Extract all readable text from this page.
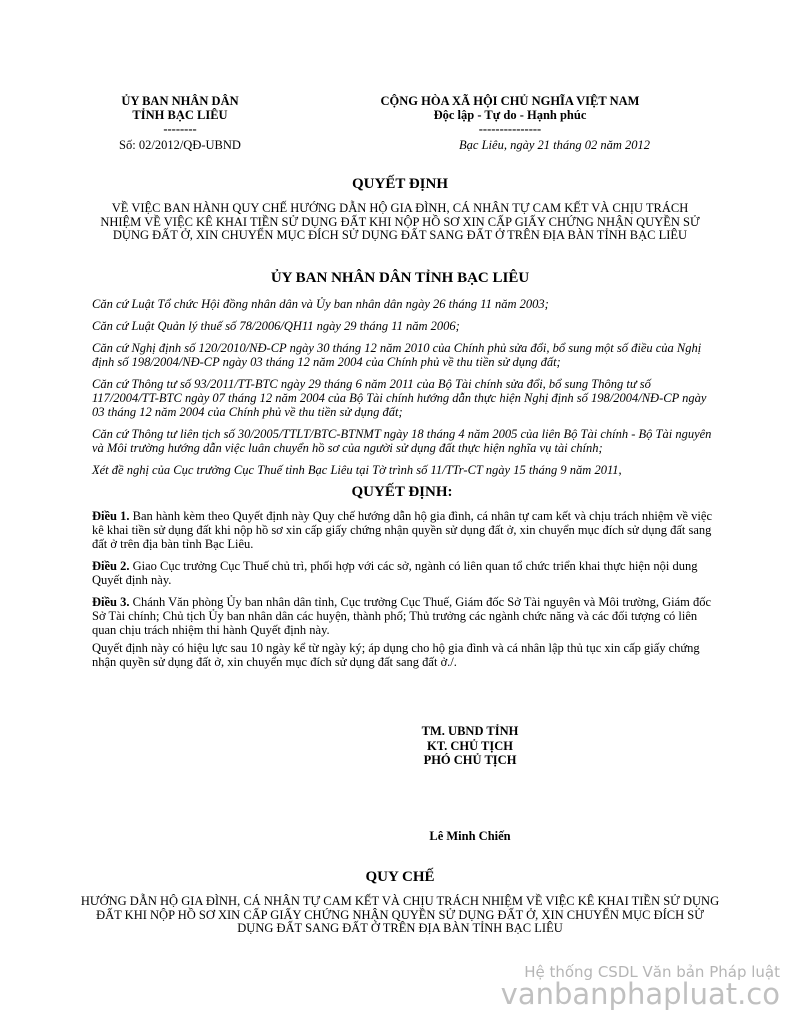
ỦY BAN NHÂN DÂN
TỈNH BẠC LIÊU
--------
Số: 02/2012/QĐ-UBND
CỘNG HÒA XÃ HỘI CHỦ NGHĨA VIỆT NAM
Độc lập - Tự do - Hạnh phúc
---------------
Bạc Liêu, ngày 21 tháng 02 năm 2012
QUYẾT ĐỊNH
VỀ VIỆC BAN HÀNH QUY CHẾ HƯỚNG DẪN HỘ GIA ĐÌNH, CÁ NHÂN TỰ CAM KẾT VÀ CHỊU TRÁCH NHIỆM VỀ VIỆC KÊ KHAI TIỀN SỬ DỤNG ĐẤT KHI NỘP HỒ SƠ XIN CẤP GIẤY CHỨNG NHẬN QUYỀN SỬ DỤNG ĐẤT Ở, XIN CHUYỂN MỤC ĐÍCH SỬ DỤNG ĐẤT SANG ĐẤT Ở TRÊN ĐỊA BÀN TỈNH BẠC LIÊU
ỦY BAN NHÂN DÂN TỈNH BẠC LIÊU

Căn cứ Luật Tổ chức Hội đồng nhân dân và Ủy ban nhân dân ngày 26 tháng 11 năm 2003;

Căn cứ Luật Quản lý thuế số 78/2006/QH11 ngày 29 tháng 11 năm 2006;

Căn cứ Nghị định số 120/2010/NĐ-CP ngày 30 tháng 12 năm 2010 của Chính phủ sửa đổi, bổ sung một số điều của Nghị định số 198/2004/NĐ-CP ngày 03 tháng 12 năm 2004 của Chính phủ về thu tiền sử dụng đất;

Căn cứ Thông tư số 93/2011/TT-BTC ngày 29 tháng 6 năm 2011 của Bộ Tài chính sửa đổi, bổ sung Thông tư số 117/2004/TT-BTC ngày 07 tháng 12 năm 2004 của Bộ Tài chính hướng dẫn thực hiện Nghị định số 198/2004/NĐ-CP ngày 03 tháng 12 năm 2004 của Chính phủ về thu tiền sử dụng đất;

Căn cứ Thông tư liên tịch số 30/2005/TTLT/BTC-BTNMT ngày 18 tháng 4 năm 2005 của liên Bộ Tài chính - Bộ Tài nguyên và Môi trường hướng dẫn việc luân chuyển hồ sơ của người sử dụng đất thực hiện nghĩa vụ tài chính;

Xét đề nghị của Cục trưởng Cục Thuế tỉnh Bạc Liêu tại Tờ trình số 11/TTr-CT ngày 15 tháng 9 năm 2011,

QUYẾT ĐỊNH:

Điều 1. Ban hành kèm theo Quyết định này Quy chế hướng dẫn hộ gia đình, cá nhân tự cam kết và chịu trách nhiệm về việc kê khai tiền sử dụng đất khi nộp hồ sơ xin cấp giấy chứng nhận quyền sử dụng đất ở, xin chuyển mục đích sử dụng đất sang đất ở trên địa bàn tỉnh Bạc Liêu.

Điều 2. Giao Cục trưởng Cục Thuế chủ trì, phối hợp với các sở, ngành có liên quan tổ chức triển khai thực hiện nội dung Quyết định này.

Điều 3. Chánh Văn phòng Ủy ban nhân dân tỉnh, Cục trưởng Cục Thuế, Giám đốc Sở Tài nguyên và Môi trường, Giám đốc Sở Tài chính; Chủ tịch Ủy ban nhân dân các huyện, thành phố; Thủ trưởng các ngành chức năng và các đối tượng có liên quan chịu trách nhiệm thi hành Quyết định này.

Quyết định này có hiệu lực sau 10 ngày kể từ ngày ký; áp dụng cho hộ gia đình và cá nhân lập thủ tục xin cấp giấy chứng nhận quyền sử dụng đất ở, xin chuyển mục đích sử dụng đất sang đất ở./.

TM. UBND TỈNH
KT. CHỦ TỊCH
PHÓ CHỦ TỊCH
Lê Minh Chiến
QUY CHẾ
HƯỚNG DẪN HỘ GIA ĐÌNH, CÁ NHÂN TỰ CAM KẾT VÀ CHỊU TRÁCH NHIỆM VỀ VIỆC KÊ KHAI TIỀN SỬ DỤNG ĐẤT KHI NỘP HỒ SƠ XIN CẤP GIẤY CHỨNG NHẬN QUYỀN SỬ DỤNG ĐẤT Ở, XIN CHUYỂN MỤC ĐÍCH SỬ DỤNG ĐẤT SANG ĐẤT Ở TRÊN ĐỊA BÀN TỈNH BẠC LIÊU
Hệ thống CSDL Văn bản Pháp luật
vanbanphapluat.co
